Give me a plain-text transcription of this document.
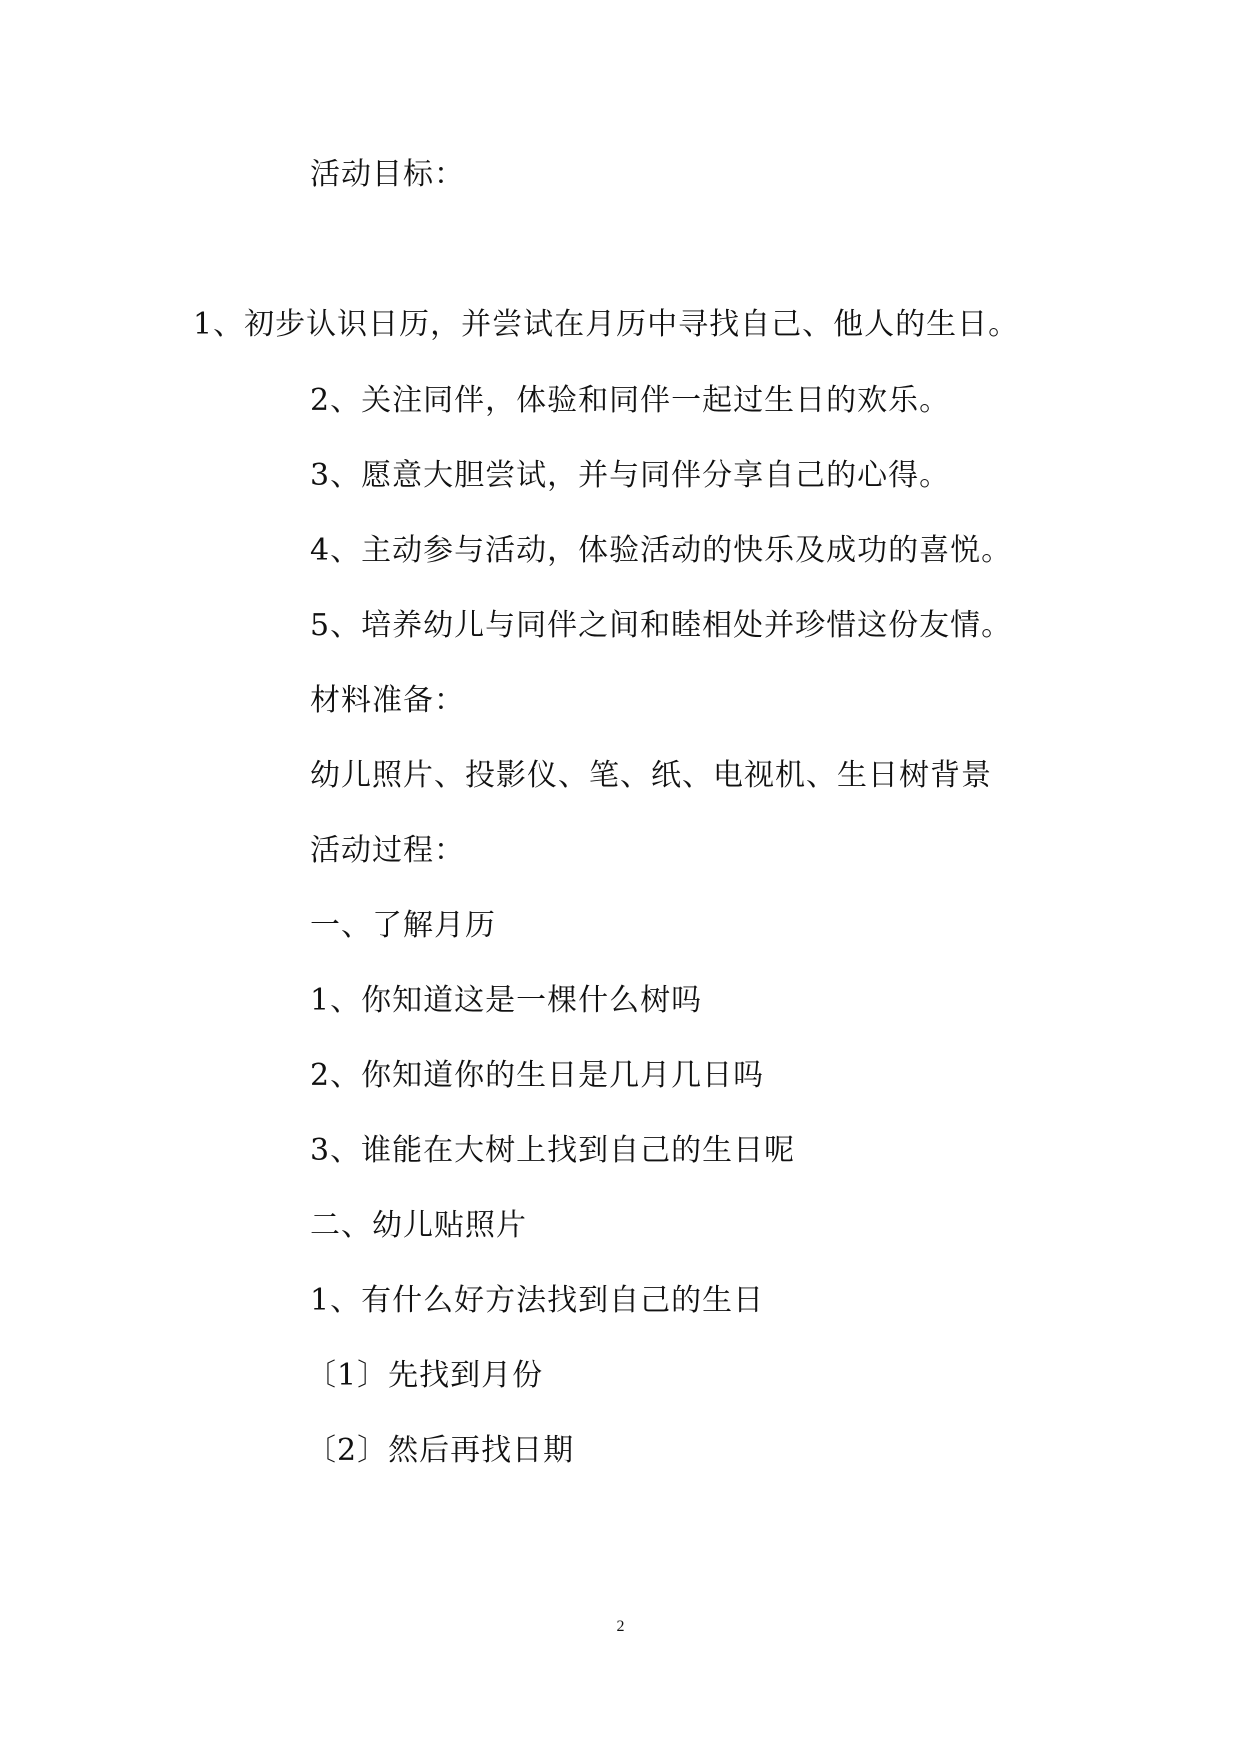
活动目标：
1、初步认识日历，并尝试在月历中寻找自己、他人的生日。
2、关注同伴，体验和同伴一起过生日的欢乐。
3、愿意大胆尝试，并与同伴分享自己的心得。
4、主动参与活动，体验活动的快乐及成功的喜悦。
5、培养幼儿与同伴之间和睦相处并珍惜这份友情。
材料准备：
幼儿照片、投影仪、笔、纸、电视机、生日树背景
活动过程：
一、了解月历
1、你知道这是一棵什么树吗
2、你知道你的生日是几月几日吗
3、谁能在大树上找到自己的生日呢
二、幼儿贴照片
1、有什么好方法找到自己的生日
〔1〕先找到月份
〔2〕然后再找日期
2
